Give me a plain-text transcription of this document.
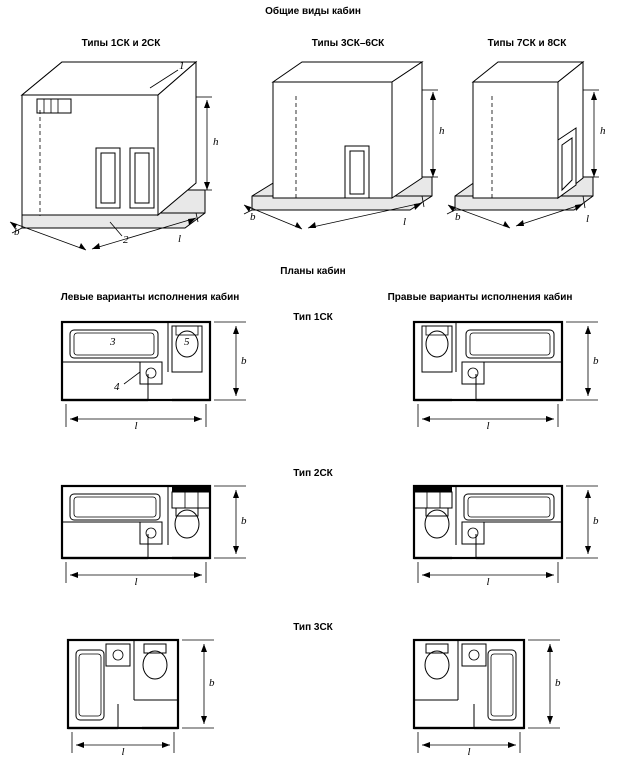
Общие виды кабин
Планы кабин
Типы 1СК и 2СК	Типы 3СК–6СК	Типы 7СК и 8СК
Левые варианты исполнения кабин	Правые варианты исполнения кабин
Тип 1СК
Тип 2СК
Тип 3СК
1
2
h
l
b
h
l
b
h
l
b
3
4
5
b
l
b
l
b
l
b
l
b
l
b
l
